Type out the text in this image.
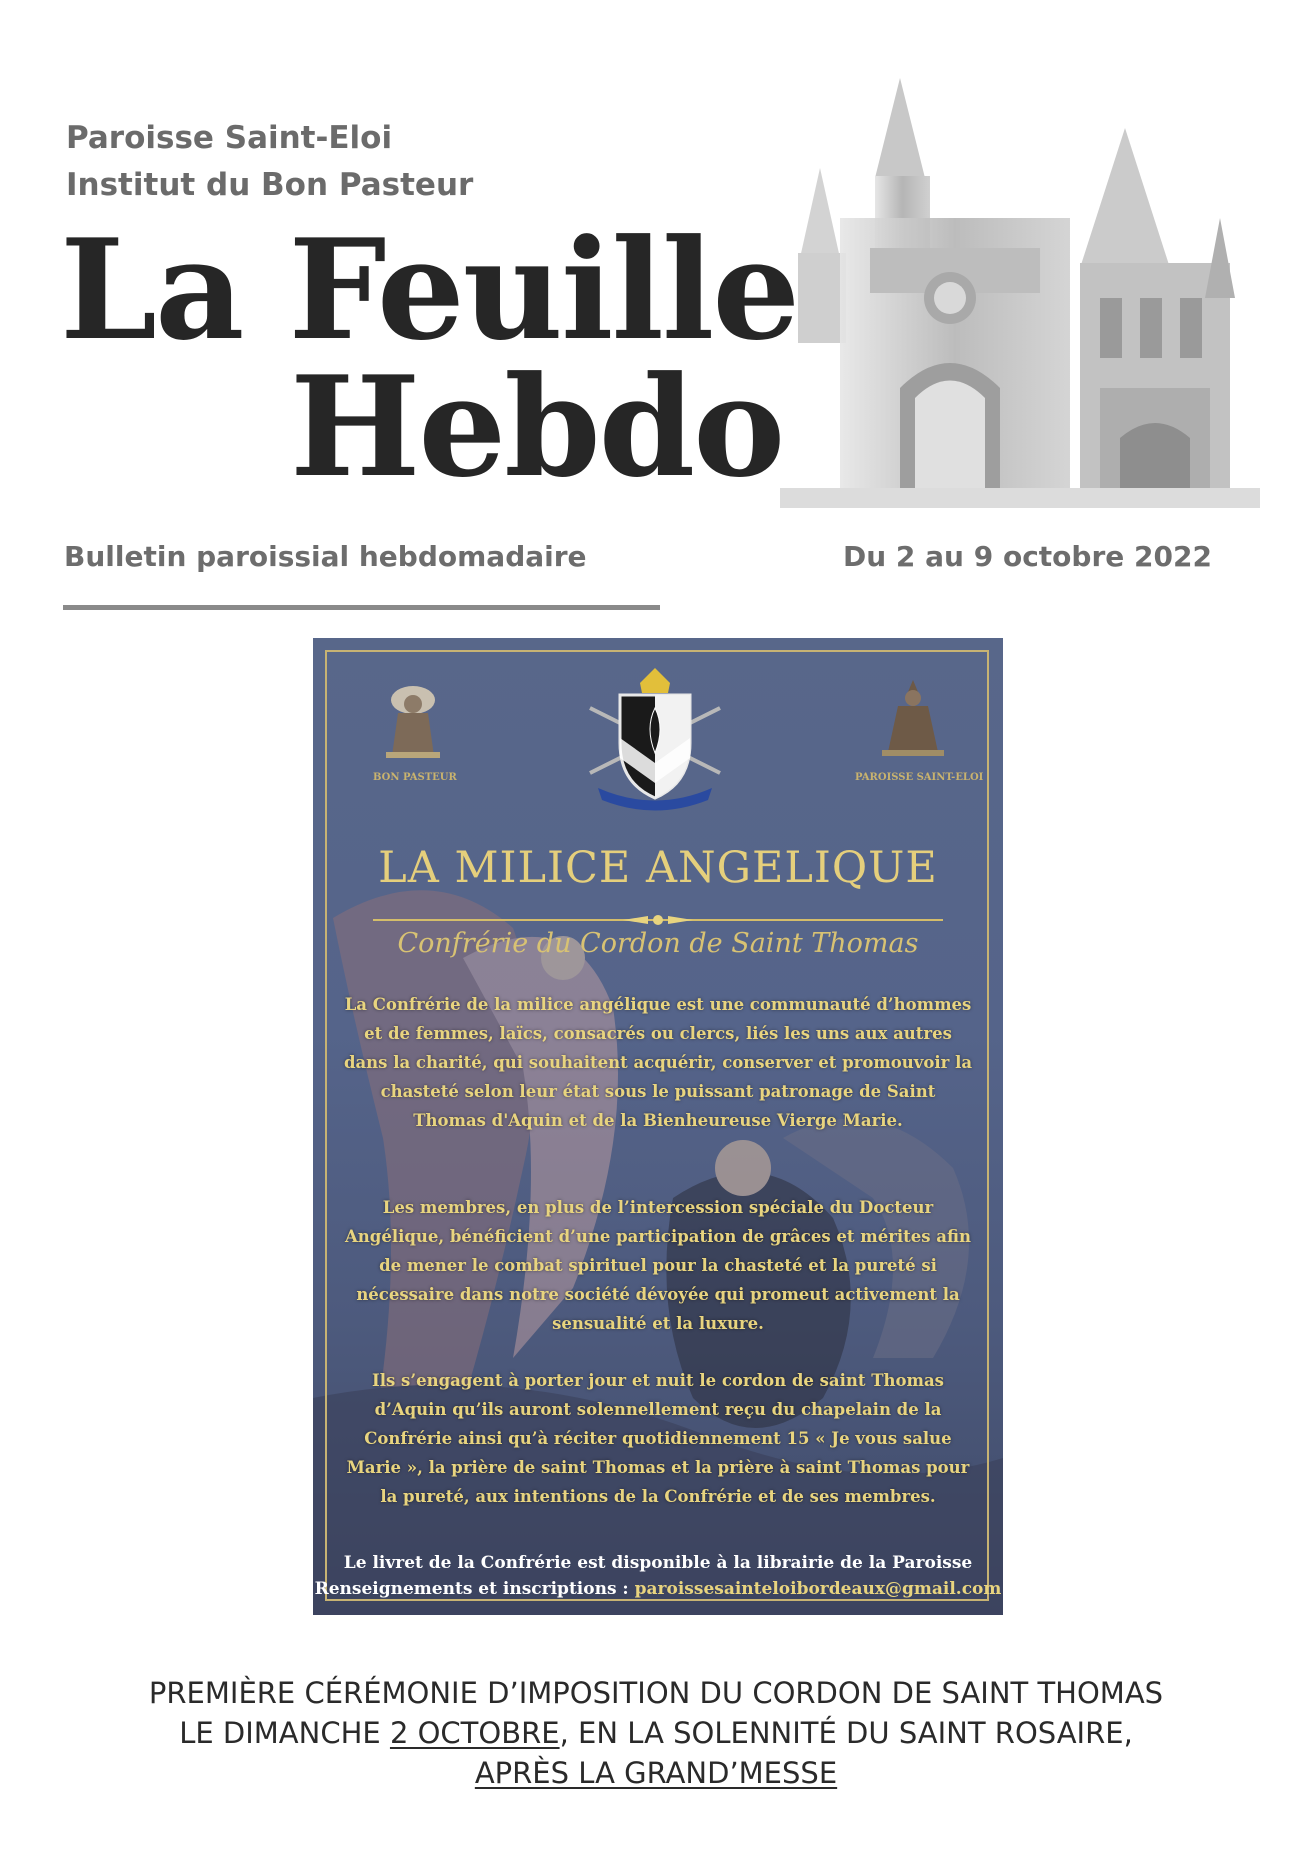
Paroisse Saint-Eloi
Institut du Bon Pasteur
La Feuille
Hebdo
Bulletin paroissial hebdomadaire	Du 2 au 9 octobre 2022
BON PASTEUR	PAROISSE SAINT-ELOI
LA MILICE ANGELIQUE
Confrérie du Cordon de Saint Thomas
La Confrérie de la milice angélique est une communauté d’hommes et de femmes, laïcs, consacrés ou clercs, liés les uns aux autres dans la charité, qui souhaitent acquérir, conserver et promouvoir la chasteté selon leur état sous le puissant patronage de Saint Thomas d'Aquin et de la Bienheureuse Vierge Marie.
Les membres, en plus de l’intercession spéciale du Docteur Angélique, bénéficient d’une participation de grâces et mérites afin de mener le combat spirituel pour la chasteté et la pureté si nécessaire dans notre société dévoyée qui promeut activement la sensualité et la luxure.
Ils s’engagent à porter jour et nuit le cordon de saint Thomas d’Aquin qu’ils auront solennellement reçu du chapelain de la Confrérie ainsi qu’à réciter quotidiennement 15 « Je vous salue Marie », la prière de saint Thomas et la prière à saint Thomas pour la pureté, aux intentions de la Confrérie et de ses membres.
Le livret de la Confrérie est disponible à la librairie de la Paroisse
Renseignements et inscriptions : paroissesainteloibordeaux@gmail.com
PREMIÈRE CÉRÉMONIE D’IMPOSITION DU CORDON DE SAINT THOMAS
LE DIMANCHE 2 OCTOBRE, EN LA SOLENNITÉ DU SAINT ROSAIRE,
APRÈS LA GRAND’MESSE
